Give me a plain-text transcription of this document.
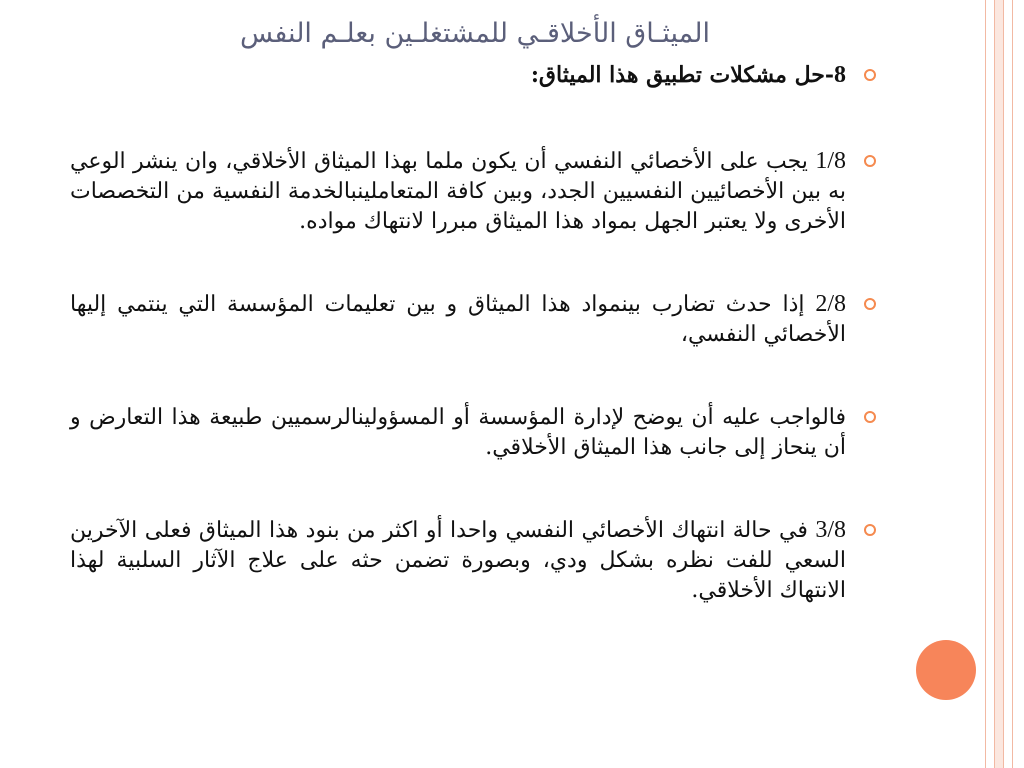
الميثـاق الأخلاقـي للمشتغلـين بعلـم النفس

8-حل مشكلات تطبيق هذا الميثاق:

1/8 يجب على الأخصائي النفسي أن يكون ملما بهذا الميثاق الأخلاقي، وان ينشر الوعي به بين الأخصائيين النفسيين الجدد، وبين كافة المتعاملينبالخدمة النفسية من التخصصات الأخرى ولا يعتبر الجهل بمواد هذا الميثاق مبررا لانتهاك مواده.

2/8 إذا حدث تضارب بينمواد هذا الميثاق و بين تعليمات المؤسسة التي ينتمي إليها الأخصائي النفسي،

فالواجب عليه أن يوضح لإدارة المؤسسة أو المسؤولينالرسميين طبيعة هذا التعارض و أن ينحاز إلى جانب هذا الميثاق الأخلاقي.

3/8 في حالة انتهاك الأخصائي النفسي واحدا أو اكثر من بنود هذا الميثاق فعلى الآخرين السعي للفت نظره بشكل ودي، وبصورة تضمن حثه على علاج الآثار السلبية لهذا الانتهاك الأخلاقي.
